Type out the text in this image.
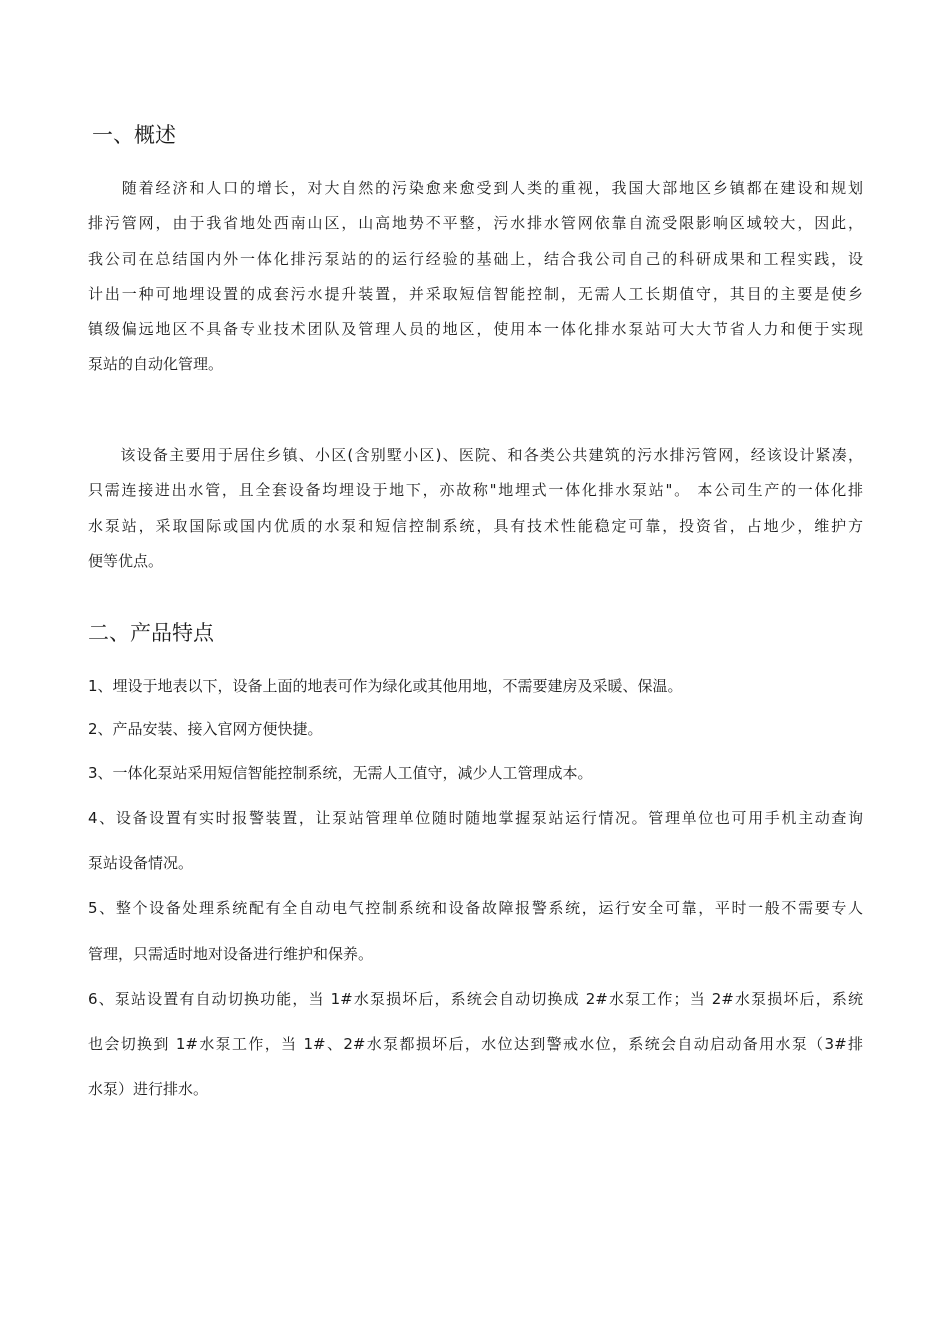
一、概述
　　随着经济和人口的增长，对大自然的污染愈来愈受到人类的重视，我国大部地区乡镇都在建设和规划
排污管网，由于我省地处西南山区，山高地势不平整，污水排水管网依靠自流受限影响区域较大，因此，
我公司在总结国内外一体化排污泵站的的运行经验的基础上，结合我公司自己的科研成果和工程实践，设
计出一种可地埋设置的成套污水提升装置，并采取短信智能控制，无需人工长期值守，其目的主要是使乡
镇级偏远地区不具备专业技术团队及管理人员的地区，使用本一体化排水泵站可大大节省人力和便于实现
泵站的自动化管理。
　　该设备主要用于居住乡镇、小区(含别墅小区)、医院、和各类公共建筑的污水排污管网，经该设计紧凑，
只需连接进出水管，且全套设备均埋设于地下，亦故称"地埋式一体化排水泵站"。 本公司生产的一体化排
水泵站，采取国际或国内优质的水泵和短信控制系统，具有技术性能稳定可靠，投资省，占地少，维护方
便等优点。
二、产品特点
1、埋设于地表以下，设备上面的地表可作为绿化或其他用地，不需要建房及采暖、保温。
2、产品安装、接入官网方便快捷。
3、一体化泵站采用短信智能控制系统，无需人工值守，减少人工管理成本。
4、设备设置有实时报警装置，让泵站管理单位随时随地掌握泵站运行情况。管理单位也可用手机主动查询
泵站设备情况。
5、整个设备处理系统配有全自动电气控制系统和设备故障报警系统，运行安全可靠，平时一般不需要专人
管理，只需适时地对设备进行维护和保养。
6、泵站设置有自动切换功能，当 1#水泵损坏后，系统会自动切换成 2#水泵工作；当 2#水泵损坏后，系统
也会切换到 1#水泵工作，当 1#、2#水泵都损坏后，水位达到警戒水位，系统会自动启动备用水泵（3#排
水泵）进行排水。
